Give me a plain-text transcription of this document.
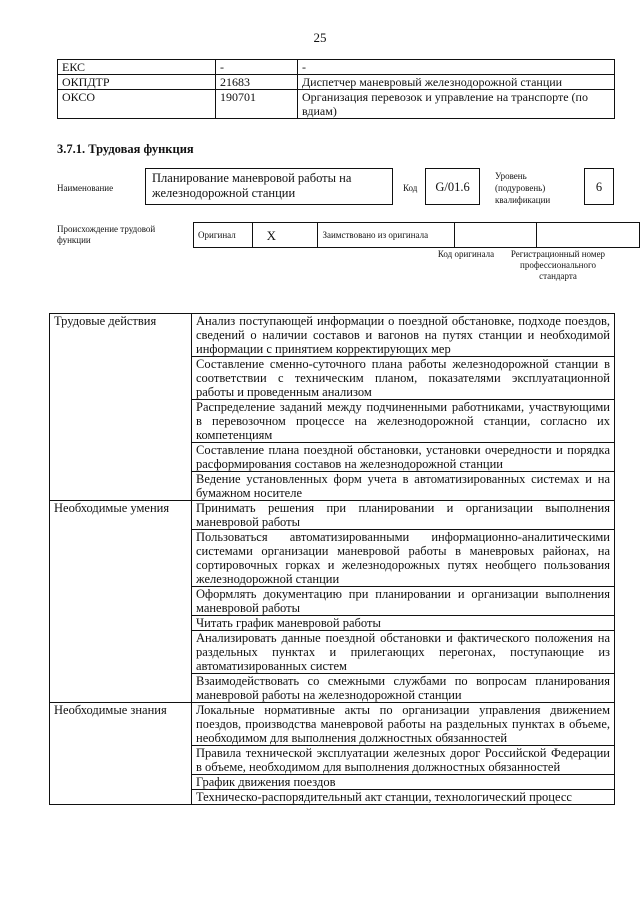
25
ЕКС	-	-
ОКПДТР	21683	Диспетчер маневровый железнодорожной станции
ОКСО	190701	Организация перевозок и управление на транспорте (по вдиам)
3.7.1. Трудовая функция
Наименование
Планирование маневровой работы на железнодорожной станции	Код	G/01.6
Уровень (подуровень) квалификации
6
Происхождение трудовой функции
Оригинал	X	Заимствовано из оригинала		
Код оригинала	Регистрационный номер профессионального стандарта
Трудовые действия	Анализ поступающей информации о поездной обстановке, подходе поездов, сведений о наличии составов и вагонов на путях станции и необходимой информации с принятием корректирующих мер
	Составление сменно-суточного плана работы железнодорожной станции в соответствии с техническим планом, показателями эксплуатационной работы и проведенным анализом
	Распределение заданий между подчиненными работниками, участвующими в перевозочном процессе на железнодорожной станции, согласно их компетенциям
	Составление плана поездной обстановки, установки очередности и порядка расформирования составов на железнодорожной станции
	Ведение установленных форм учета в автоматизированных системах и на бумажном носителе
Необходимые умения	Принимать решения при планировании и организации выполнения маневровой работы
	Пользоваться автоматизированными информационно-аналитическими системами организации маневровой работы в маневровых районах, на сортировочных горках и железнодорожных путях необщего пользования железнодорожной станции
	Оформлять документацию при планировании и организации выполнения маневровой работы
	Читать график маневровой работы
	Анализировать данные поездной обстановки и фактического положения на раздельных пунктах и прилегающих перегонах, поступающие из автоматизированных систем
	Взаимодействовать со смежными службами по вопросам планирования маневровой работы на железнодорожной станции
Необходимые знания	Локальные нормативные акты по организации управления движением поездов, производства маневровой работы на раздельных пунктах в объеме, необходимом для выполнения должностных обязанностей
	Правила технической эксплуатации железных дорог Российской Федерации в объеме, необходимом для выполнения должностных обязанностей
	График движения поездов
	Техническо-распорядительный акт станции, технологический процесс
